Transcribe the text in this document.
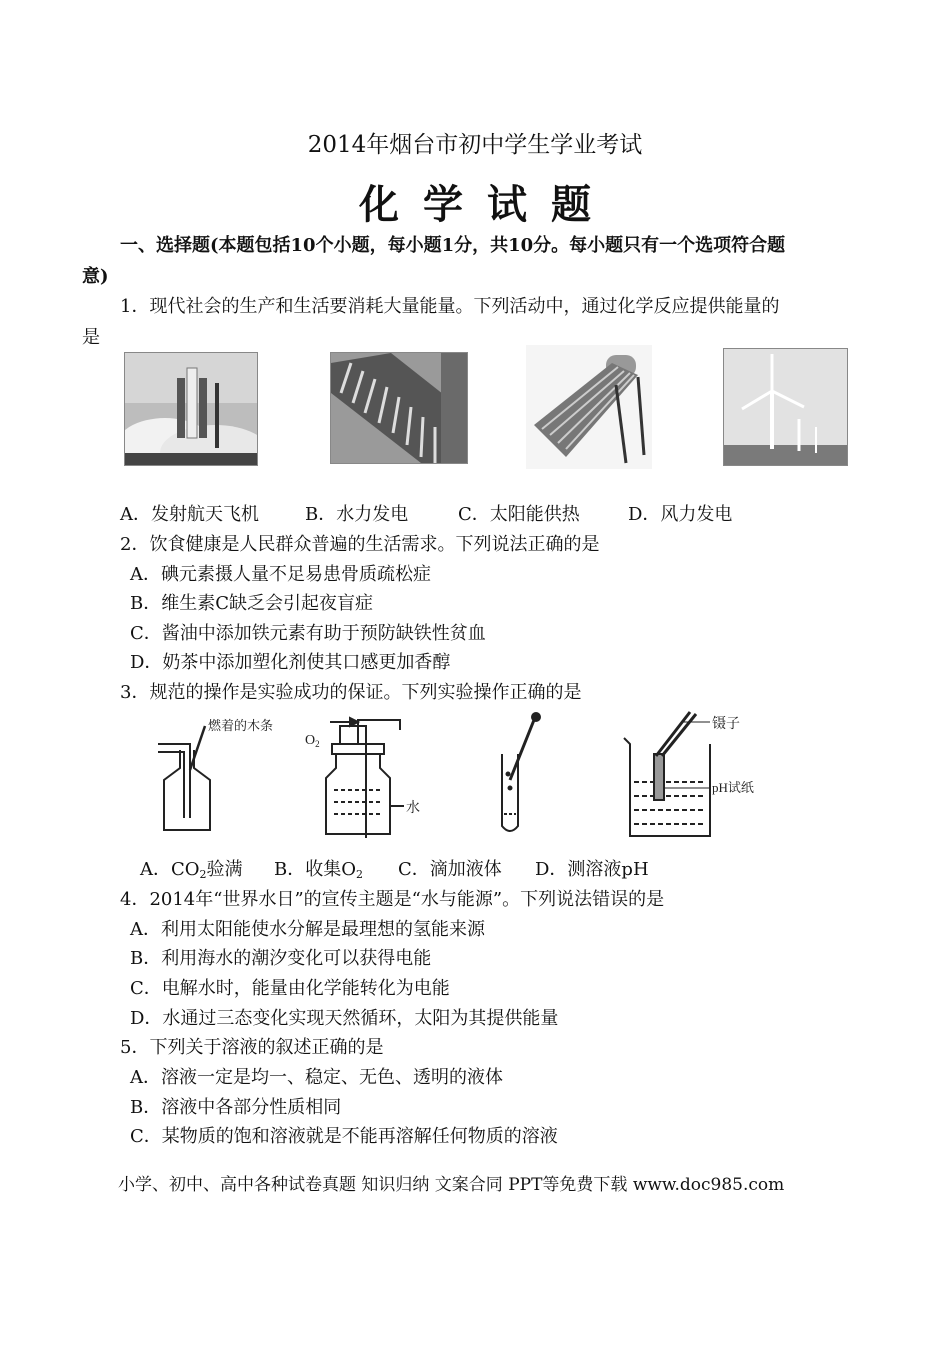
2014年烟台市初中学生学业考试
化学试题
一、选择题(本题包括10个小题，每小题1分，共10分。每小题只有一个选项符合题
意)
1．现代社会的生产和生活要消耗大量能量。下列活动中，通过化学反应提供能量的
是
A．发射航天飞机	B．水力发电	C．太阳能供热	D．风力发电
2．饮食健康是人民群众普遍的生活需求。下列说法正确的是
A．碘元素摄人量不足易患骨质疏松症
B．维生素C缺乏会引起夜盲症
C．酱油中添加铁元素有助于预防缺铁性贫血
D．奶茶中添加塑化剂使其口感更加香醇
3．规范的操作是实验成功的保证。下列实验操作正确的是
燃着的木条
$O_2$
水
镊子
pH试纸
A．$CO_2$验满 B．收集$O_2$ C．滴加液体 D．测溶液pH
4．2014年“世界水日”的宣传主题是“水与能源”。下列说法错误的是
A．利用太阳能使水分解是最理想的氢能来源
B．利用海水的潮汐变化可以获得电能
C．电解水时，能量由化学能转化为电能
D．水通过三态变化实现天然循环，太阳为其提供能量
5．下列关于溶液的叙述正确的是
A．溶液一定是均一、稳定、无色、透明的液体
B．溶液中各部分性质相同
C．某物质的饱和溶液就是不能再溶解任何物质的溶液
小学、初中、高中各种试卷真题 知识归纳 文案合同 PPT等免费下载 www.doc985.com
